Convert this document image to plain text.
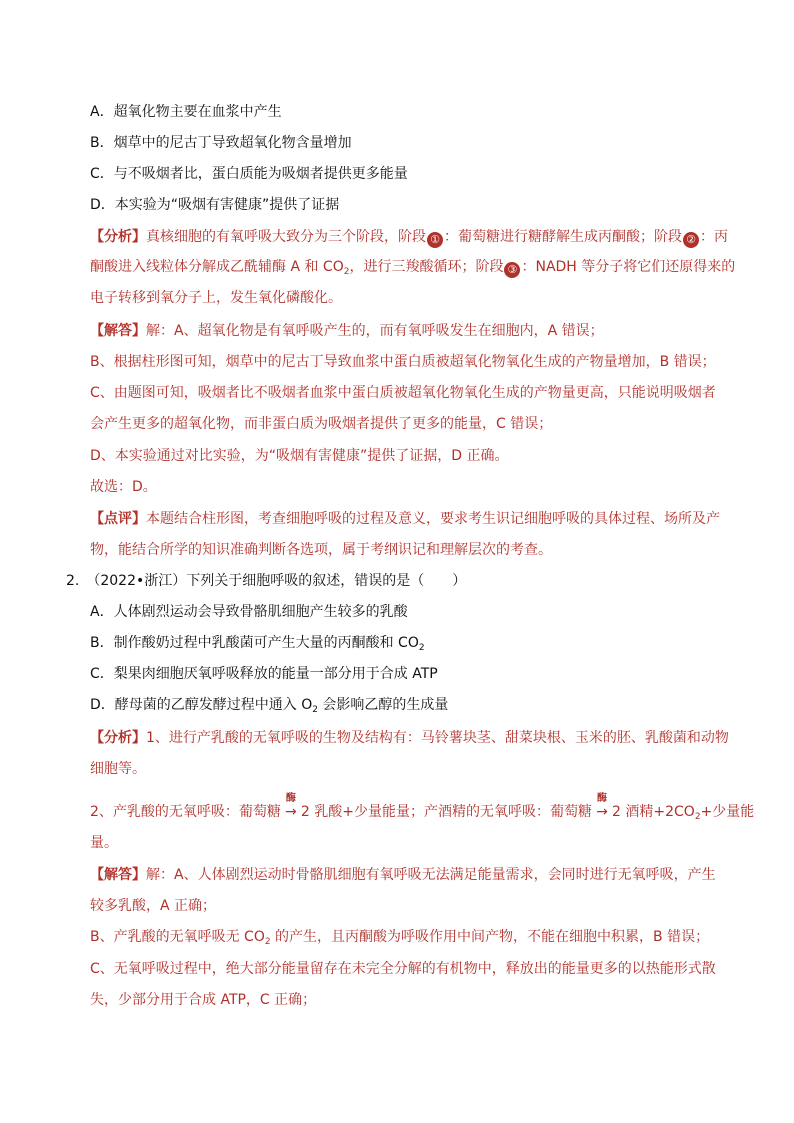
A．超氧化物主要在血浆中产生
B．烟草中的尼古丁导致超氧化物含量增加
C．与不吸烟者比，蛋白质能为吸烟者提供更多能量
D．本实验为“吸烟有害健康”提供了证据
【分析】真核细胞的有氧呼吸大致分为三个阶段，阶段 ① ：葡萄糖进行糖酵解生成丙酮酸；阶段 ② ：丙
酮酸进入线粒体分解成乙酰辅酶 A 和 $CO_2$，进行三羧酸循环；阶段 ③ ：NADH 等分子将它们还原得来的
电子转移到氧分子上，发生氧化磷酸化。
【解答】解：A、超氧化物是有氧呼吸产生的，而有氧呼吸发生在细胞内，A 错误；
B、根据柱形图可知，烟草中的尼古丁导致血浆中蛋白质被超氧化物氧化生成的产物量增加，B 错误；
C、由题图可知，吸烟者比不吸烟者血浆中蛋白质被超氧化物氧化生成的产物量更高，只能说明吸烟者
会产生更多的超氧化物，而非蛋白质为吸烟者提供了更多的能量，C 错误；
D、本实验通过对比实验，为“吸烟有害健康”提供了证据，D 正确。
故选：D。
【点评】本题结合柱形图，考查细胞呼吸的过程及意义，要求考生识记细胞呼吸的具体过程、场所及产
物，能结合所学的知识准确判断各选项，属于考纲识记和理解层次的考查。
2.　（2022•浙江）下列关于细胞呼吸的叙述，错误的是（　　）
A．人体剧烈运动会导致骨骼肌细胞产生较多的乳酸
B．制作酸奶过程中乳酸菌可产生大量的丙酮酸和 $CO_2$
C．梨果肉细胞厌氧呼吸释放的能量一部分用于合成 ATP
D．酵母菌的乙醇发酵过程中通入 $O_2$ 会影响乙醇的生成量
【分析】1、进行产乳酸的无氧呼吸的生物及结构有：马铃薯块茎、甜菜块根、玉米的胚、乳酸菌和动物
细胞等。
2、产乳酸的无氧呼吸：葡萄糖
酶
→ 2 乳酸+少量能量；产酒精的无氧呼吸：葡萄糖
酶
→ 2 酒精$+2CO_2+$少量能
量。
【解答】解：A、人体剧烈运动时骨骼肌细胞有氧呼吸无法满足能量需求，会同时进行无氧呼吸，产生
较多乳酸，A 正确；
B、产乳酸的无氧呼吸无 $CO_2$ 的产生，且丙酮酸为呼吸作用中间产物，不能在细胞中积累，B 错误；
C、无氧呼吸过程中，绝大部分能量留存在未完全分解的有机物中，释放出的能量更多的以热能形式散
失，少部分用于合成 ATP，C 正确；
